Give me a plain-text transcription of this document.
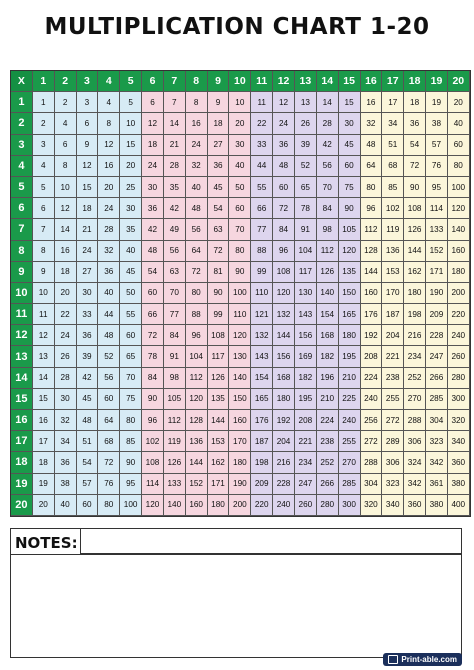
MULTIPLICATION CHART 1-20
X	1	2	3	4	5	6	7	8	9	10 11 12 13 14 15 16 17 18 19 20
1	1	2	3	4	5	6	7	8	9	10	11	12	13	14	15	16	17	18	19	20
2	2	4	6	8	10	12	14	16	18	20	22	24	26	28	30	32	34	36	38	40
3	3	6	9	12	15	18	21	24	27	30	33	36	39	42	45	48	51	54	57	60
4	4	8	12	16	20	24	28	32	36	40	44	48	52	56	60	64	68	72	76	80
5	5	10	15	20	25	30	35	40	45	50	55	60	65	70	75	80	85	90	95	100
6	6	12	18	24	30	36	42	48	54	60	66	72	78	84	90	96	102 108	114	120
7	7	14	21	28	35	42	49	56	63	70	77	84	91	98	105	112	119	126 133 140
8	8	16	24	32	40	48	56	64	72	80	88	96	104	112	120 128 136 144 152 160
9	9	18	27	36	45	54	63	72	81	90	99	108	117	126 135 144 153 162 171 180
10	10	20	30	40	50	60	70	80	90	100	110	120 130 140 150 160 170 180 190 200
11	11	22	33	44	55	66	77	88	99	110	121 132 143 154 165 176 187 198 209 220
12	12	24	36	48	60	72	84	96	108 120 132 144 156 168 180 192 204 216 228 240
13	13	26	39	52	65	78	91	104	117	130 143 156 169 182 195 208 221 234 247 260
14	14	28	42	56	70	84	98	112	126 140 154 168 182 196 210 224 238 252 266 280
15	15	30	45	60	75	90	105 120 135 150 165 180 195 210 225 240 255 270 285 300
16	16	32	48	64	80	96	112	128 144 160 176 192 208 224 240 256 272 288 304 320
17	17	34	51	68	85	102	119	136 153 170 187 204 221 238 255 272 289 306 323 340
18	18	36	54	72	90	108 126 144 162 180 198 216 234 252 270 288 306 324 342 360
19	19	38	57	76	95	114	133 152 171 190 209 228 247 266 285 304 323 342 361 380
20	20	40	60	80	100 120 140 160 180 200 220 240 260 280 300 320 340 360 380 400
NOTES:
Print-able.com
